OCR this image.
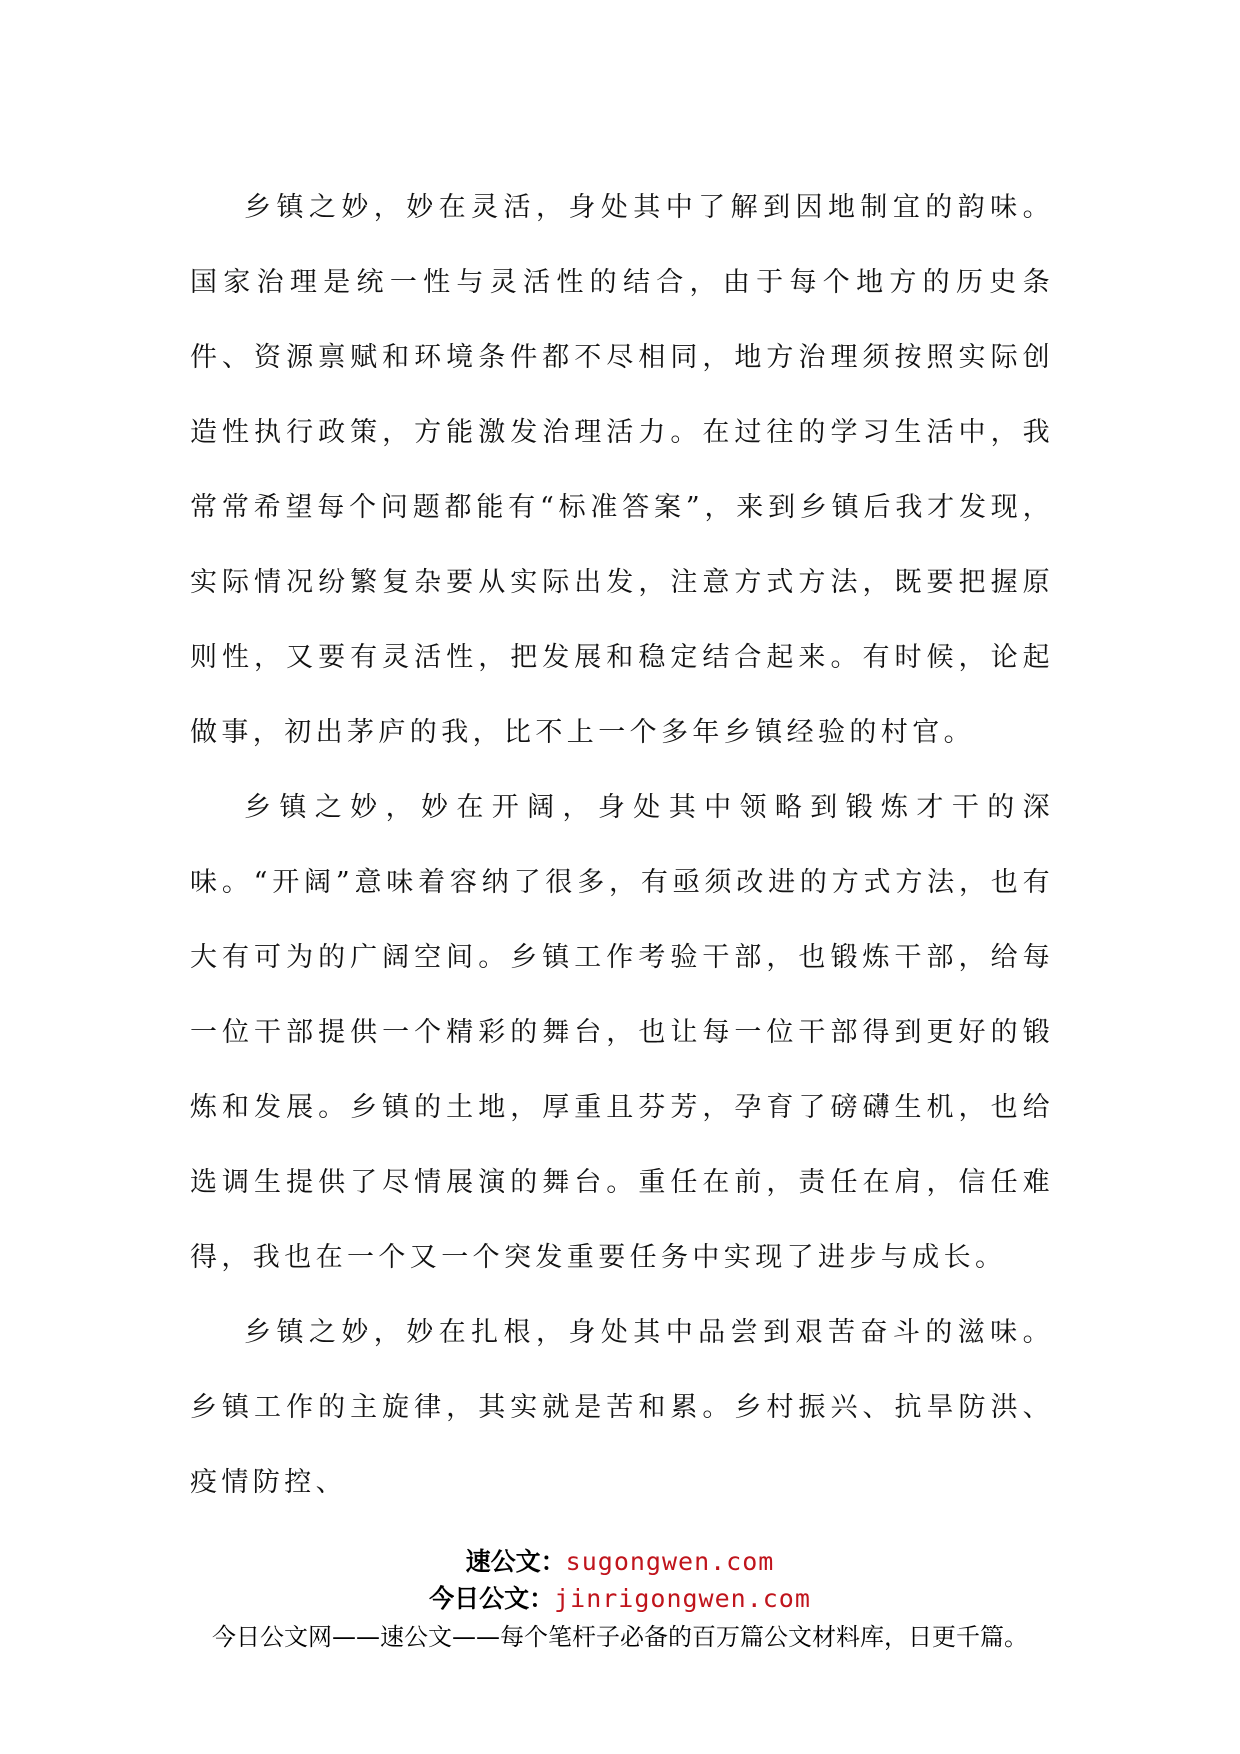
乡镇之妙，妙在灵活，身处其中了解到因地制宜的韵味。国家治理是统一性与灵活性的结合，由于每个地方的历史条件、资源禀赋和环境条件都不尽相同，地方治理须按照实际创造性执行政策，方能激发治理活力。在过往的学习生活中，我常常希望每个问题都能有“标准答案”，来到乡镇后我才发现，实际情况纷繁复杂要从实际出发，注意方式方法，既要把握原则性，又要有灵活性，把发展和稳定结合起来。有时候，论起做事，初出茅庐的我，比不上一个多年乡镇经验的村官。

乡镇之妙，妙在开阔，身处其中领略到锻炼才干的深味。“开阔”意味着容纳了很多，有亟须改进的方式方法，也有大有可为的广阔空间。乡镇工作考验干部，也锻炼干部，给每一位干部提供一个精彩的舞台，也让每一位干部得到更好的锻炼和发展。乡镇的土地，厚重且芬芳，孕育了磅礴生机，也给选调生提供了尽情展演的舞台。重任在前，责任在肩，信任难得，我也在一个又一个突发重要任务中实现了进步与成长。

乡镇之妙，妙在扎根，身处其中品尝到艰苦奋斗的滋味。乡镇工作的主旋律，其实就是苦和累。乡村振兴、抗旱防洪、疫情防控、

速公文：sugongwen.com
今日公文：jinrigongwen.com
今日公文网——速公文——每个笔杆子必备的百万篇公文材料库，日更千篇。
